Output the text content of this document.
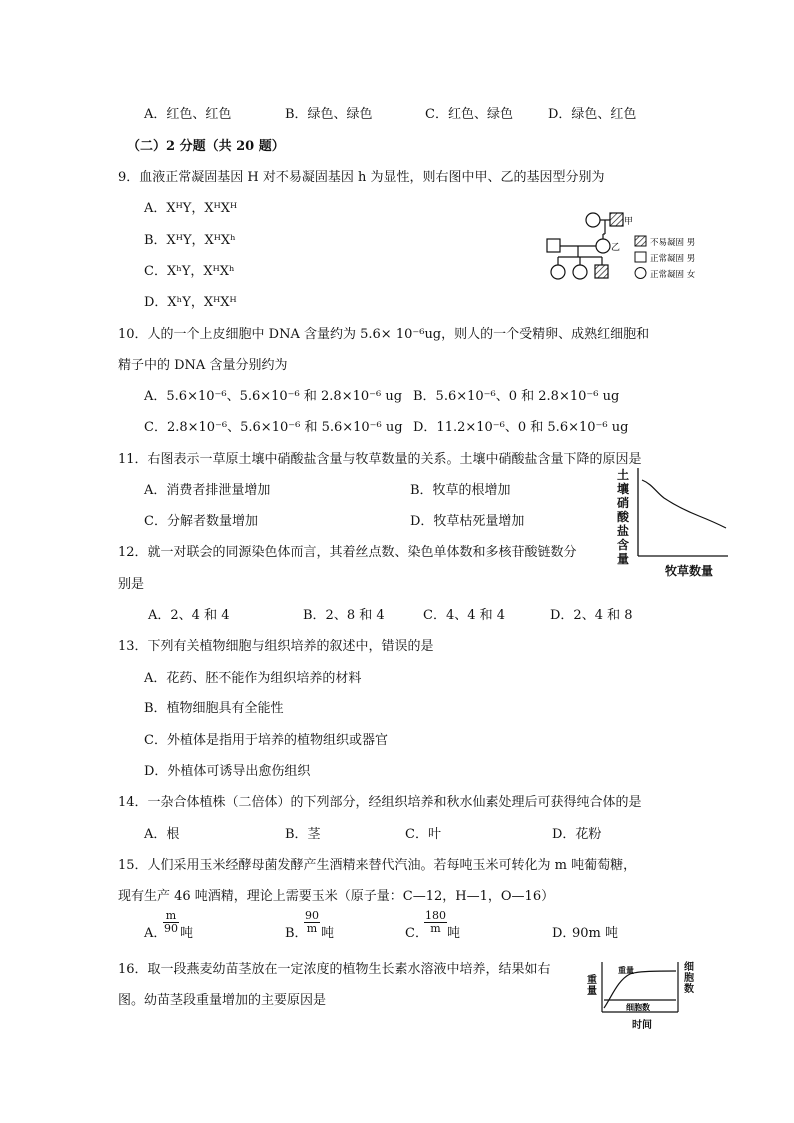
A．红色、红色	B．绿色、绿色	C．红色、绿色	D．绿色、红色
（二）2 分题（共 20 题）
9．血液正常凝固基因 H 对不易凝固基因 h 为显性，则右图中甲、乙的基因型分别为
A．XᴴY，XᴴXᴴ
B．XᴴY，XᴴXʰ
C．XʰY，XᴴXʰ
D．XʰY，XᴴXᴴ
甲
乙	不易凝固 男
正常凝固 男
正常凝固 女
10．人的一个上皮细胞中 DNA 含量约为 5.6× 10⁻⁶ug，则人的一个受精卵、成熟红细胞和
精子中的 DNA 含量分别约为
A．5.6×10⁻⁶、5.6×10⁻⁶ 和 2.8×10⁻⁶ ug B．5.6×10⁻⁶、0 和 2.8×10⁻⁶ ug
C．2.8×10⁻⁶、5.6×10⁻⁶ 和 5.6×10⁻⁶ ug D．11.2×10⁻⁶、0 和 5.6×10⁻⁶ ug
11．右图表示一草原土壤中硝酸盐含量与牧草数量的关系。土壤中硝酸盐含量下降的原因是
A．消费者排泄量增加	B．牧草的根增加
C．分解者数量增加	D．牧草枯死量增加
土壤硝酸盐含量
牧草数量
12．就一对联会的同源染色体而言，其着丝点数、染色单体数和多核苷酸链数分
别是
A．2、4 和 4	B．2、8 和 4	C．4、4 和 4	D．2、4 和 8
13．下列有关植物细胞与组织培养的叙述中，错误的是
A．花药、胚不能作为组织培养的材料
B．植物细胞具有全能性
C．外植体是指用于培养的植物组织或器官
D．外植体可诱导出愈伤组织
14．一杂合体植株（二倍体）的下列部分，经组织培养和秋水仙素处理后可获得纯合体的是
A．根	B．茎	C．叶	D．花粉
15．人们采用玉米经酵母菌发酵产生酒精来替代汽油。若每吨玉米可转化为 m 吨葡萄糖，
现有生产 46 吨酒精，理论上需要玉米（原子量：C—12，H—1，O—16）
A．
$\frac{m}{90}$ 吨	B．
$\frac{90}{m}$ 吨	C．
$\frac{180}{m}$ 吨	D．
90m 吨
16．取一段燕麦幼苗茎放在一定浓度的植物生长素水溶液中培养，结果如右
图。幼苗茎段重量增加的主要原因是
重量
重量
细胞数
细胞数
时间
